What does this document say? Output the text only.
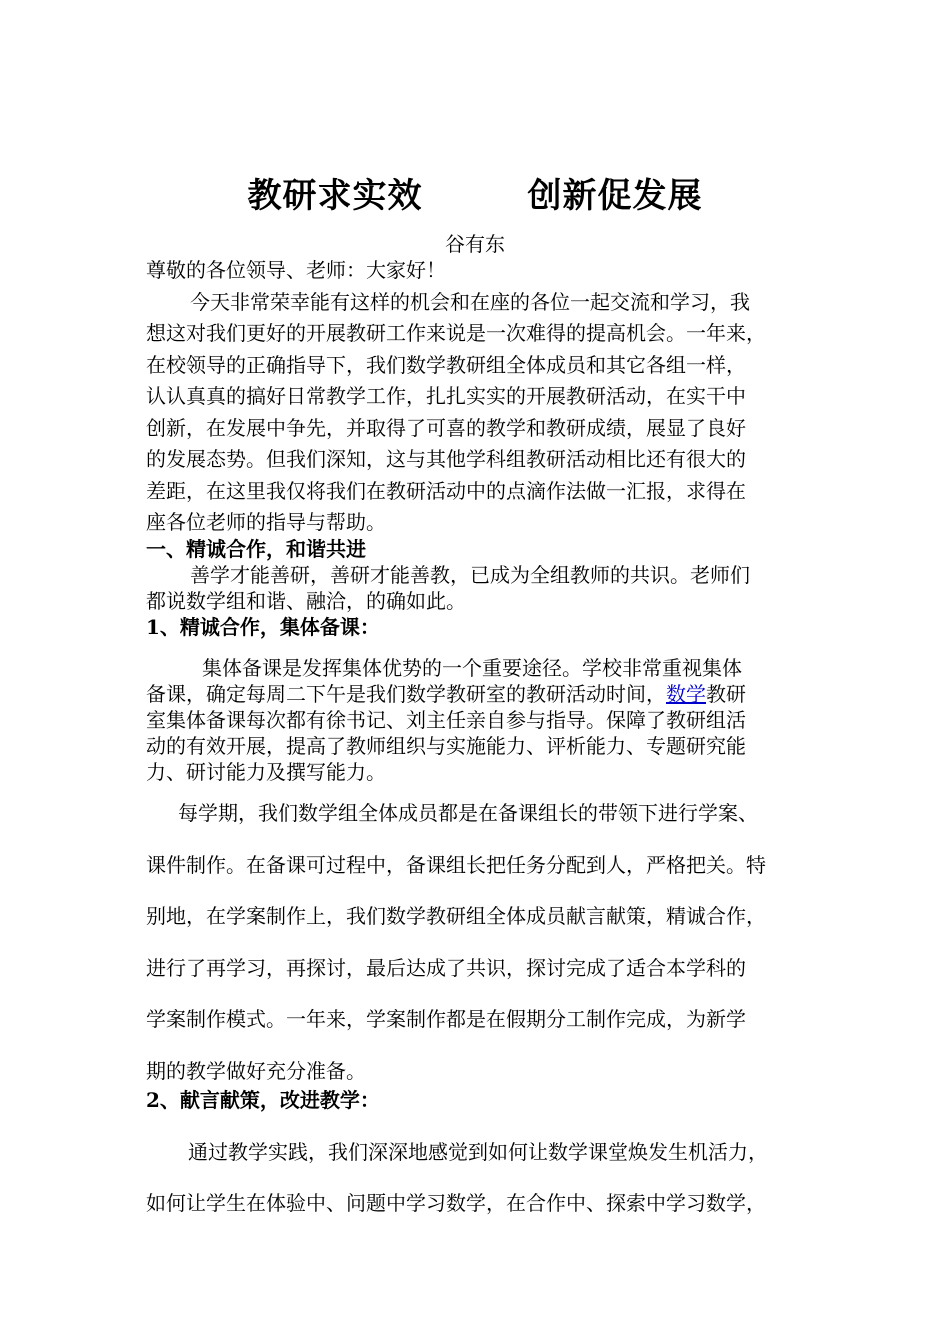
教研求实效　　　创新促发展
谷有东
尊敬的各位领导、老师：大家好！
今天非常荣幸能有这样的机会和在座的各位一起交流和学习，我
想这对我们更好的开展教研工作来说是一次难得的提高机会。一年来，
在校领导的正确指导下，我们数学教研组全体成员和其它各组一样，
认认真真的搞好日常教学工作，扎扎实实的开展教研活动，在实干中
创新，在发展中争先，并取得了可喜的教学和教研成绩，展显了良好
的发展态势。但我们深知，这与其他学科组教研活动相比还有很大的
差距，在这里我仅将我们在教研活动中的点滴作法做一汇报，求得在
座各位老师的指导与帮助。
一、精诚合作，和谐共进
善学才能善研，善研才能善教，已成为全组教师的共识。老师们
都说数学组和谐、融洽，的确如此。
1、精诚合作，集体备课：
集体备课是发挥集体优势的一个重要途径。学校非常重视集体
备课，确定每周二下午是我们数学教研室的教研活动时间，数学教研
室集体备课每次都有徐书记、刘主任亲自参与指导。保障了教研组活
动的有效开展，提高了教师组织与实施能力、评析能力、专题研究能
力、研讨能力及撰写能力。
每学期，我们数学组全体成员都是在备课组长的带领下进行学案、
课件制作。在备课可过程中，备课组长把任务分配到人，严格把关。特
别地，在学案制作上，我们数学教研组全体成员献言献策，精诚合作，
进行了再学习，再探讨，最后达成了共识，探讨完成了适合本学科的
学案制作模式。一年来，学案制作都是在假期分工制作完成，为新学
期的教学做好充分准备。
2、献言献策，改进教学：
通过教学实践，我们深深地感觉到如何让数学课堂焕发生机活力，
如何让学生在体验中、问题中学习数学，在合作中、探索中学习数学，
